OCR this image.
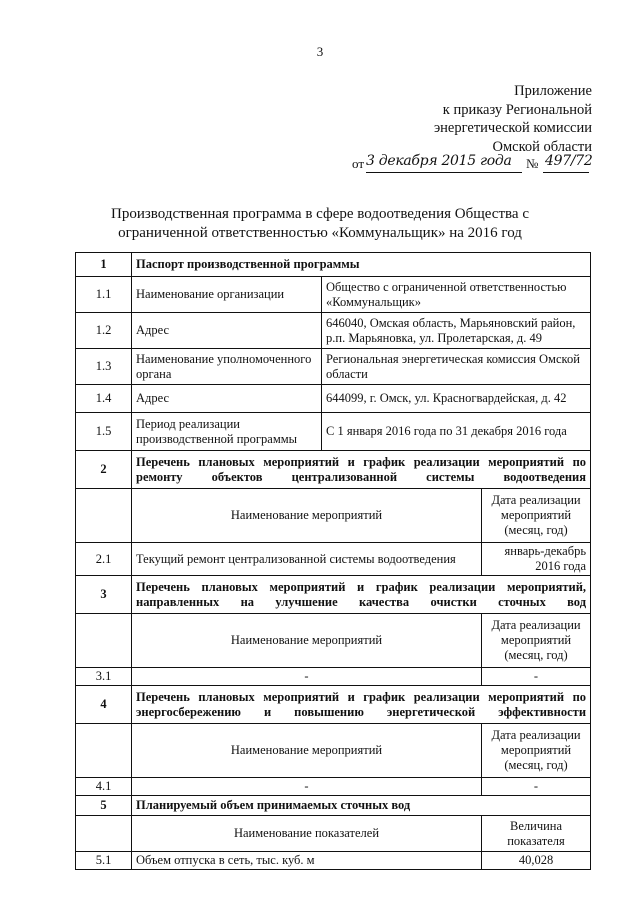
3
Приложение
к приказу Региональной
энергетической комиссии
Омской области
от 3 декабря 2015 года № 497/72
Производственная программа в сфере водоотведения Общества с
ограниченной ответственностью «Коммунальщик» на 2016 год
1	Паспорт производственной программы		
1.1	Наименование организации	Общество с ограниченной ответственностью «Коммунальщик»	
1.2	Адрес	646040, Омская область, Марьяновский район, р.п. Марьяновка, ул. Пролетарская, д. 49	
1.3	Наименование уполномоченного органа	Региональная энергетическая комиссия Омской области	
1.4	Адрес	644099, г. Омск, ул. Красногвардейская, д. 42	
1.5	Период реализации производственной программы	С 1 января 2016 года по 31 декабря 2016 года	
2	Перечень плановых мероприятий и график реализации мероприятий по ремонту объектов централизованной системы водоотведения		
	Наименование мероприятий		Дата реализации мероприятий (месяц, год)
2.1	Текущий ремонт централизованной системы водоотведения		январь-декабрь 2016 года
3	Перечень плановых мероприятий и график реализации мероприятий, направленных на улучшение качества очистки сточных вод		
	Наименование мероприятий		Дата реализации мероприятий (месяц, год)
3.1	-		-
4	Перечень плановых мероприятий и график реализации мероприятий по энергосбережению и повышению энергетической эффективности		
	Наименование мероприятий		Дата реализации мероприятий (месяц, год)
4.1	-		-
5	Планируемый объем принимаемых сточных вод		
	Наименование показателей		Величина показателя
5.1	Объем отпуска в сеть, тыс. куб. м		40,028
